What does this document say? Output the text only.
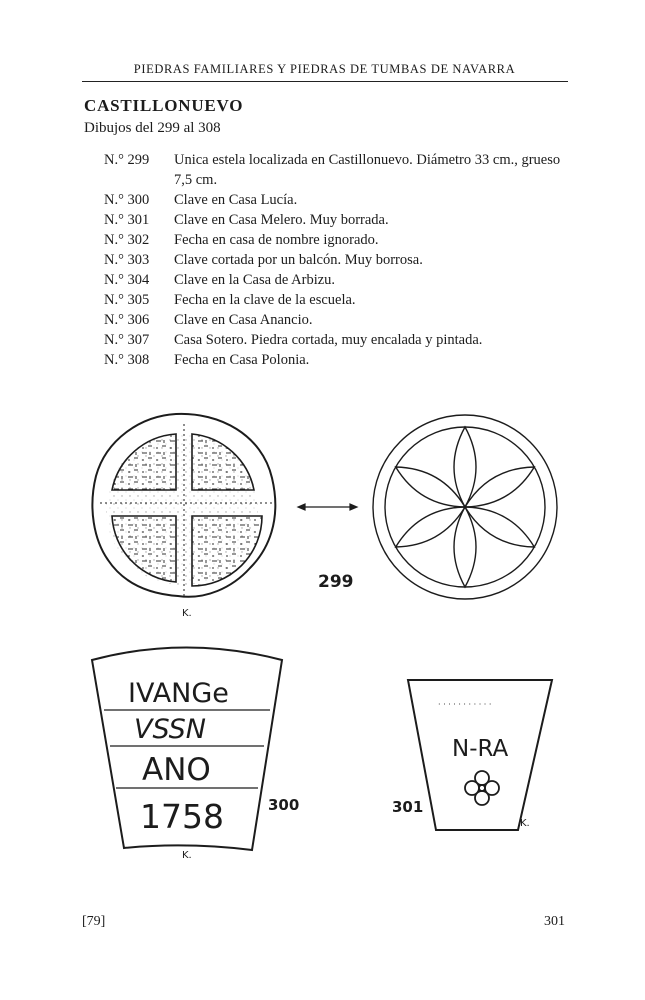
PIEDRAS FAMILIARES Y PIEDRAS DE TUMBAS DE NAVARRA
CASTILLONUEVO
Dibujos del 299 al 308
N.° 299	Unica estela localizada en Castillonuevo. Diámetro 33 cm., grueso 7,5 cm.
N.° 300	Clave en Casa Lucía.
N.° 301	Clave en Casa Melero. Muy borrada.
N.° 302	Fecha en casa de nombre ignorado.
N.° 303	Clave cortada por un balcón. Muy borrosa.
N.° 304	Clave en la Casa de Arbizu.
N.° 305	Fecha en la clave de la escuela.
N.° 306	Clave en Casa Anancio.
N.° 307	Casa Sotero. Piedra cortada, muy encalada y pintada.
N.° 308	Fecha en Casa Polonia.
299
K.
IVANGe
VSSN
ANO
1758	300
K.
· · · · · · · · · · ·
N-RA
301
K.
[79]	301
